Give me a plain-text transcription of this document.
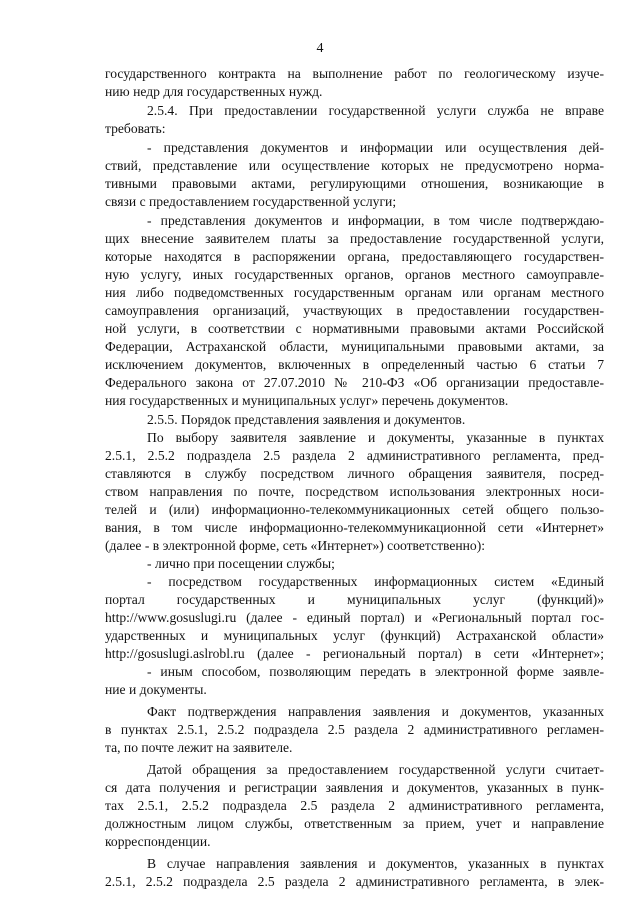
4
государственного контракта на выполнение работ по геологическому изуче-
нию недр для государственных нужд.
2.5.4. При предоставлении государственной услуги служба не вправе
требовать:
- представления документов и информации или осуществления дей-
ствий, представление или осуществление которых не предусмотрено норма-
тивными правовыми актами, регулирующими отношения, возникающие в
связи с предоставлением государственной услуги;
- представления документов и информации, в том числе подтверждаю-
щих внесение заявителем платы за предоставление государственной услуги,
которые находятся в распоряжении органа, предоставляющего государствен-
ную услугу, иных государственных органов, органов местного самоуправле-
ния либо подведомственных государственным органам или органам местного
самоуправления организаций, участвующих в предоставлении государствен-
ной услуги, в соответствии с нормативными правовыми актами Российской
Федерации, Астраханской области, муниципальными правовыми актами, за
исключением документов, включенных в определенный частью 6 статьи 7
Федерального закона от 27.07.2010 № 210-ФЗ «Об организации предоставле-
ния государственных и муниципальных услуг» перечень документов.
2.5.5. Порядок представления заявления и документов.
По выбору заявителя заявление и документы, указанные в пунктах
2.5.1, 2.5.2 подраздела 2.5 раздела 2 административного регламента, пред-
ставляются в службу посредством личного обращения заявителя, посред-
ством направления по почте, посредством использования электронных носи-
телей и (или) информационно-телекоммуникационных сетей общего пользо-
вания, в том числе информационно-телекоммуникационной сети «Интернет»
(далее - в электронной форме, сеть «Интернет») соответственно):
- лично при посещении службы;
- посредством государственных информационных систем «Единый
портал государственных и муниципальных услуг (функций)»
http://www.gosuslugi.ru (далее - единый портал) и «Региональный портал гос-
ударственных и муниципальных услуг (функций) Астраханской области»
http://gosuslugi.aslrobl.ru (далее - региональный портал) в сети «Интернет»;
- иным способом, позволяющим передать в электронной форме заявле-
ние и документы.
Факт подтверждения направления заявления и документов, указанных
в пунктах 2.5.1, 2.5.2 подраздела 2.5 раздела 2 административного регламен-
та, по почте лежит на заявителе.
Датой обращения за предоставлением государственной услуги считает-
ся дата получения и регистрации заявления и документов, указанных в пунк-
тах 2.5.1, 2.5.2 подраздела 2.5 раздела 2 административного регламента,
должностным лицом службы, ответственным за прием, учет и направление
корреспонденции.
В случае направления заявления и документов, указанных в пунктах
2.5.1, 2.5.2 подраздела 2.5 раздела 2 административного регламента, в элек-
